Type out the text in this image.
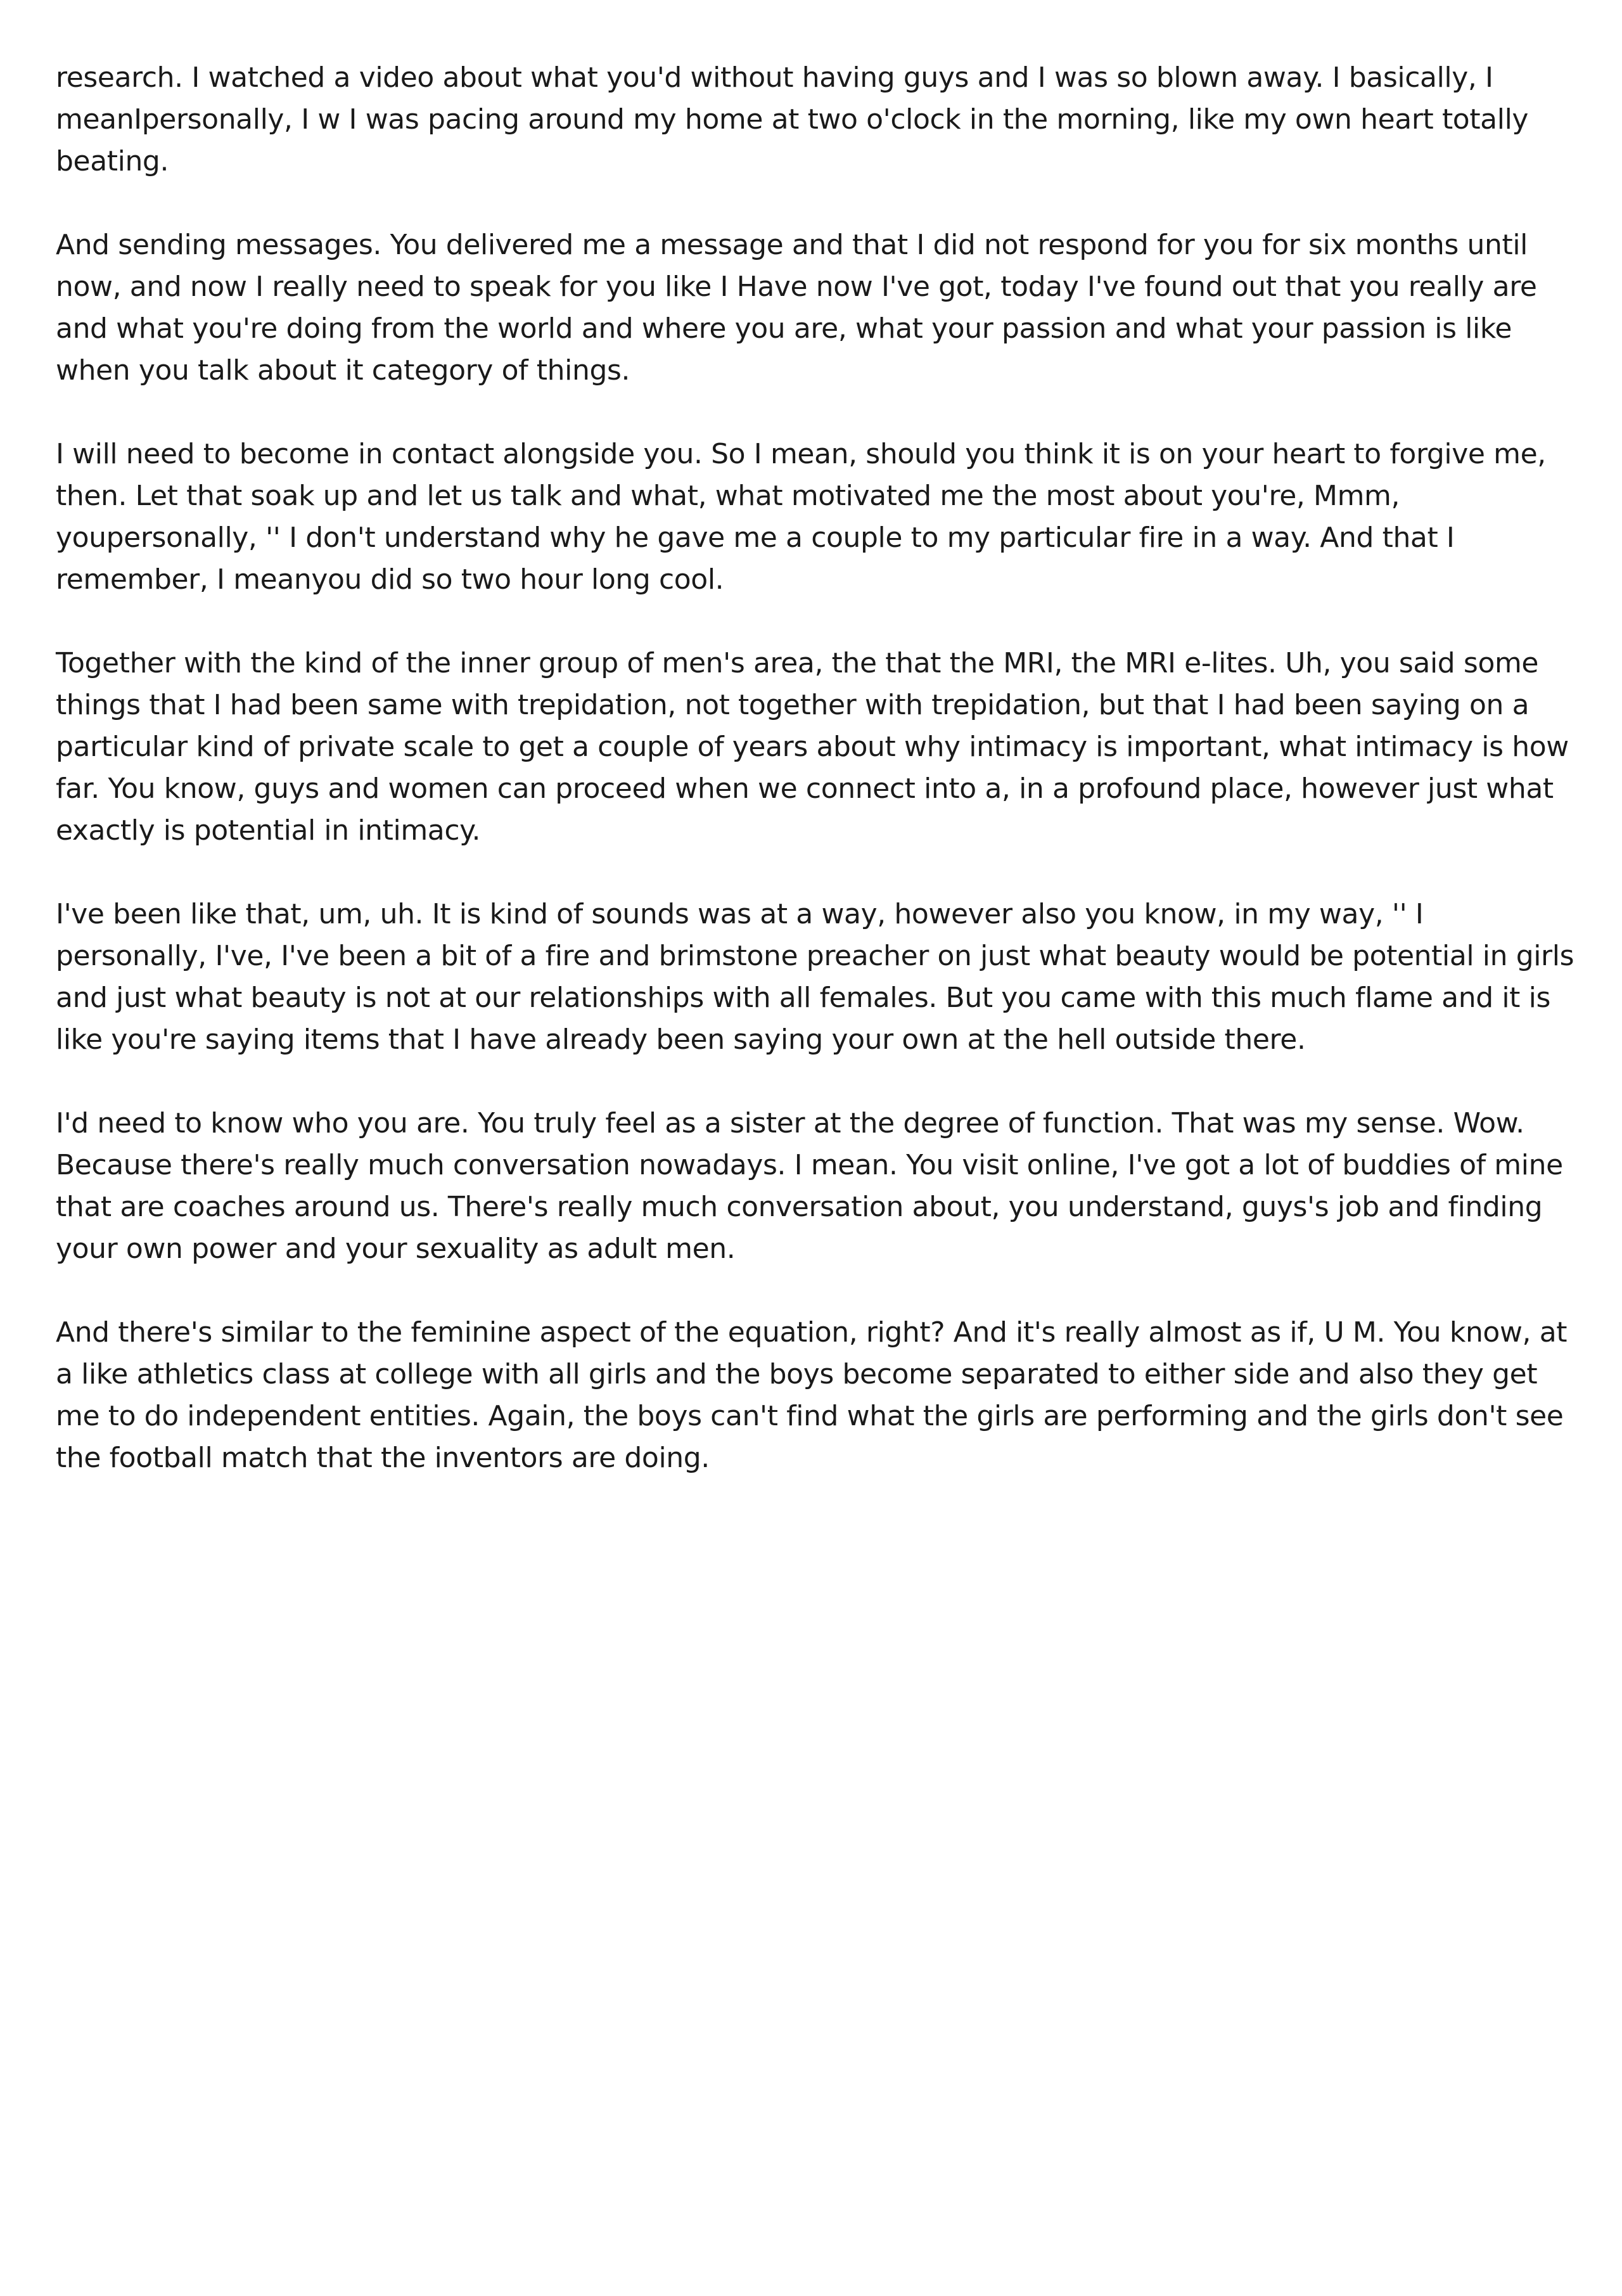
research. I watched a video about what you'd without having guys and I was so blown away. I basically, I meanIpersonally, I w I was pacing around my home at two o'clock in the morning, like my own heart totally beating.

And sending messages. You delivered me a message and that I did not respond for you for six months until now, and now I really need to speak for you like I Have now I've got, today I've found out that you really are and what you're doing from the world and where you are, what your passion and what your passion is like when you talk about it category of things.

I will need to become in contact alongside you. So I mean, should you think it is on your heart to forgive me, then. Let that soak up and let us talk and what, what motivated me the most about you're, Mmm, youpersonally, '' I don't understand why he gave me a couple to my particular fire in a way. And that I remember, I meanyou did so two hour long cool.

Together with the kind of the inner group of men's area, the that the MRI, the MRI e-lites. Uh, you said some things that I had been same with trepidation, not together with trepidation, but that I had been saying on a particular kind of private scale to get a couple of years about why intimacy is important, what intimacy is how far. You know, guys and women can proceed when we connect into a, in a profound place, however just what exactly is potential in intimacy.

I've been like that, um, uh. It is kind of sounds was at a way, however also you know, in my way, '' I personally, I've, I've been a bit of a fire and brimstone preacher on just what beauty would be potential in girls and just what beauty is not at our relationships with all females. But you came with this much flame and it is like you're saying items that I have already been saying your own at the hell outside there.

I'd need to know who you are. You truly feel as a sister at the degree of function. That was my sense. Wow. Because there's really much conversation nowadays. I mean. You visit online, I've got a lot of buddies of mine that are coaches around us. There's really much conversation about, you understand, guys's job and finding your own power and your sexuality as adult men.

And there's similar to the feminine aspect of the equation, right? And it's really almost as if, U M. You know, at a like athletics class at college with all girls and the boys become separated to either side and also they get me to do independent entities. Again, the boys can't find what the girls are performing and the girls don't see the football match that the inventors are doing.
